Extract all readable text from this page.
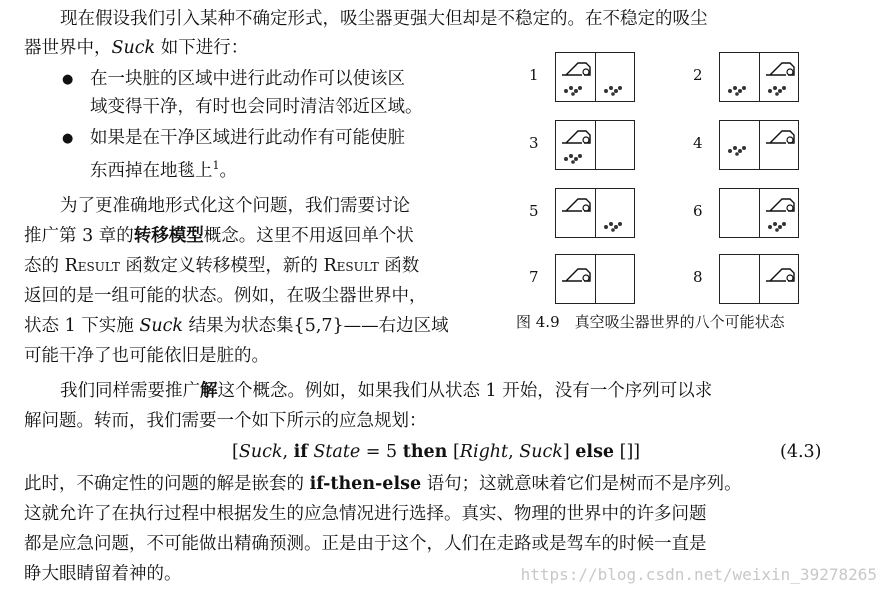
现在假设我们引入某种不确定形式，吸尘器更强大但却是不稳定的。在不稳定的吸尘
器世界中，Suck 如下进行：
● 在一块脏的区域中进行此动作可以使该区
域变得干净，有时也会同时清洁邻近区域。
● 如果是在干净区域进行此动作有可能使脏
东西掉在地毯上$^1$。
为了更准确地形式化这个问题，我们需要讨论
推广第 3 章的转移模型概念。这里不用返回单个状
态的 Result 函数定义转移模型，新的 Result 函数
返回的是一组可能的状态。例如，在吸尘器世界中，
状态 1 下实施 Suck 结果为状态集{5,7}——右边区域
可能干净了也可能依旧是脏的。
1	2
3	4
5	6
7	8
图 4.9　真空吸尘器世界的八个可能状态
我们同样需要推广解这个概念。例如，如果我们从状态 1 开始，没有一个序列可以求
解问题。转而，我们需要一个如下所示的应急规划：
[Suck, if State = 5 then [Right, Suck] else []]	(4.3)
此时，不确定性的问题的解是嵌套的 if-then-else 语句；这就意味着它们是树而不是序列。
这就允许了在执行过程中根据发生的应急情况进行选择。真实、物理的世界中的许多问题
都是应急问题，不可能做出精确预测。正是由于这个，人们在走路或是驾车的时候一直是
睁大眼睛留着神的。	https://blog.csdn.net/weixin_39278265
